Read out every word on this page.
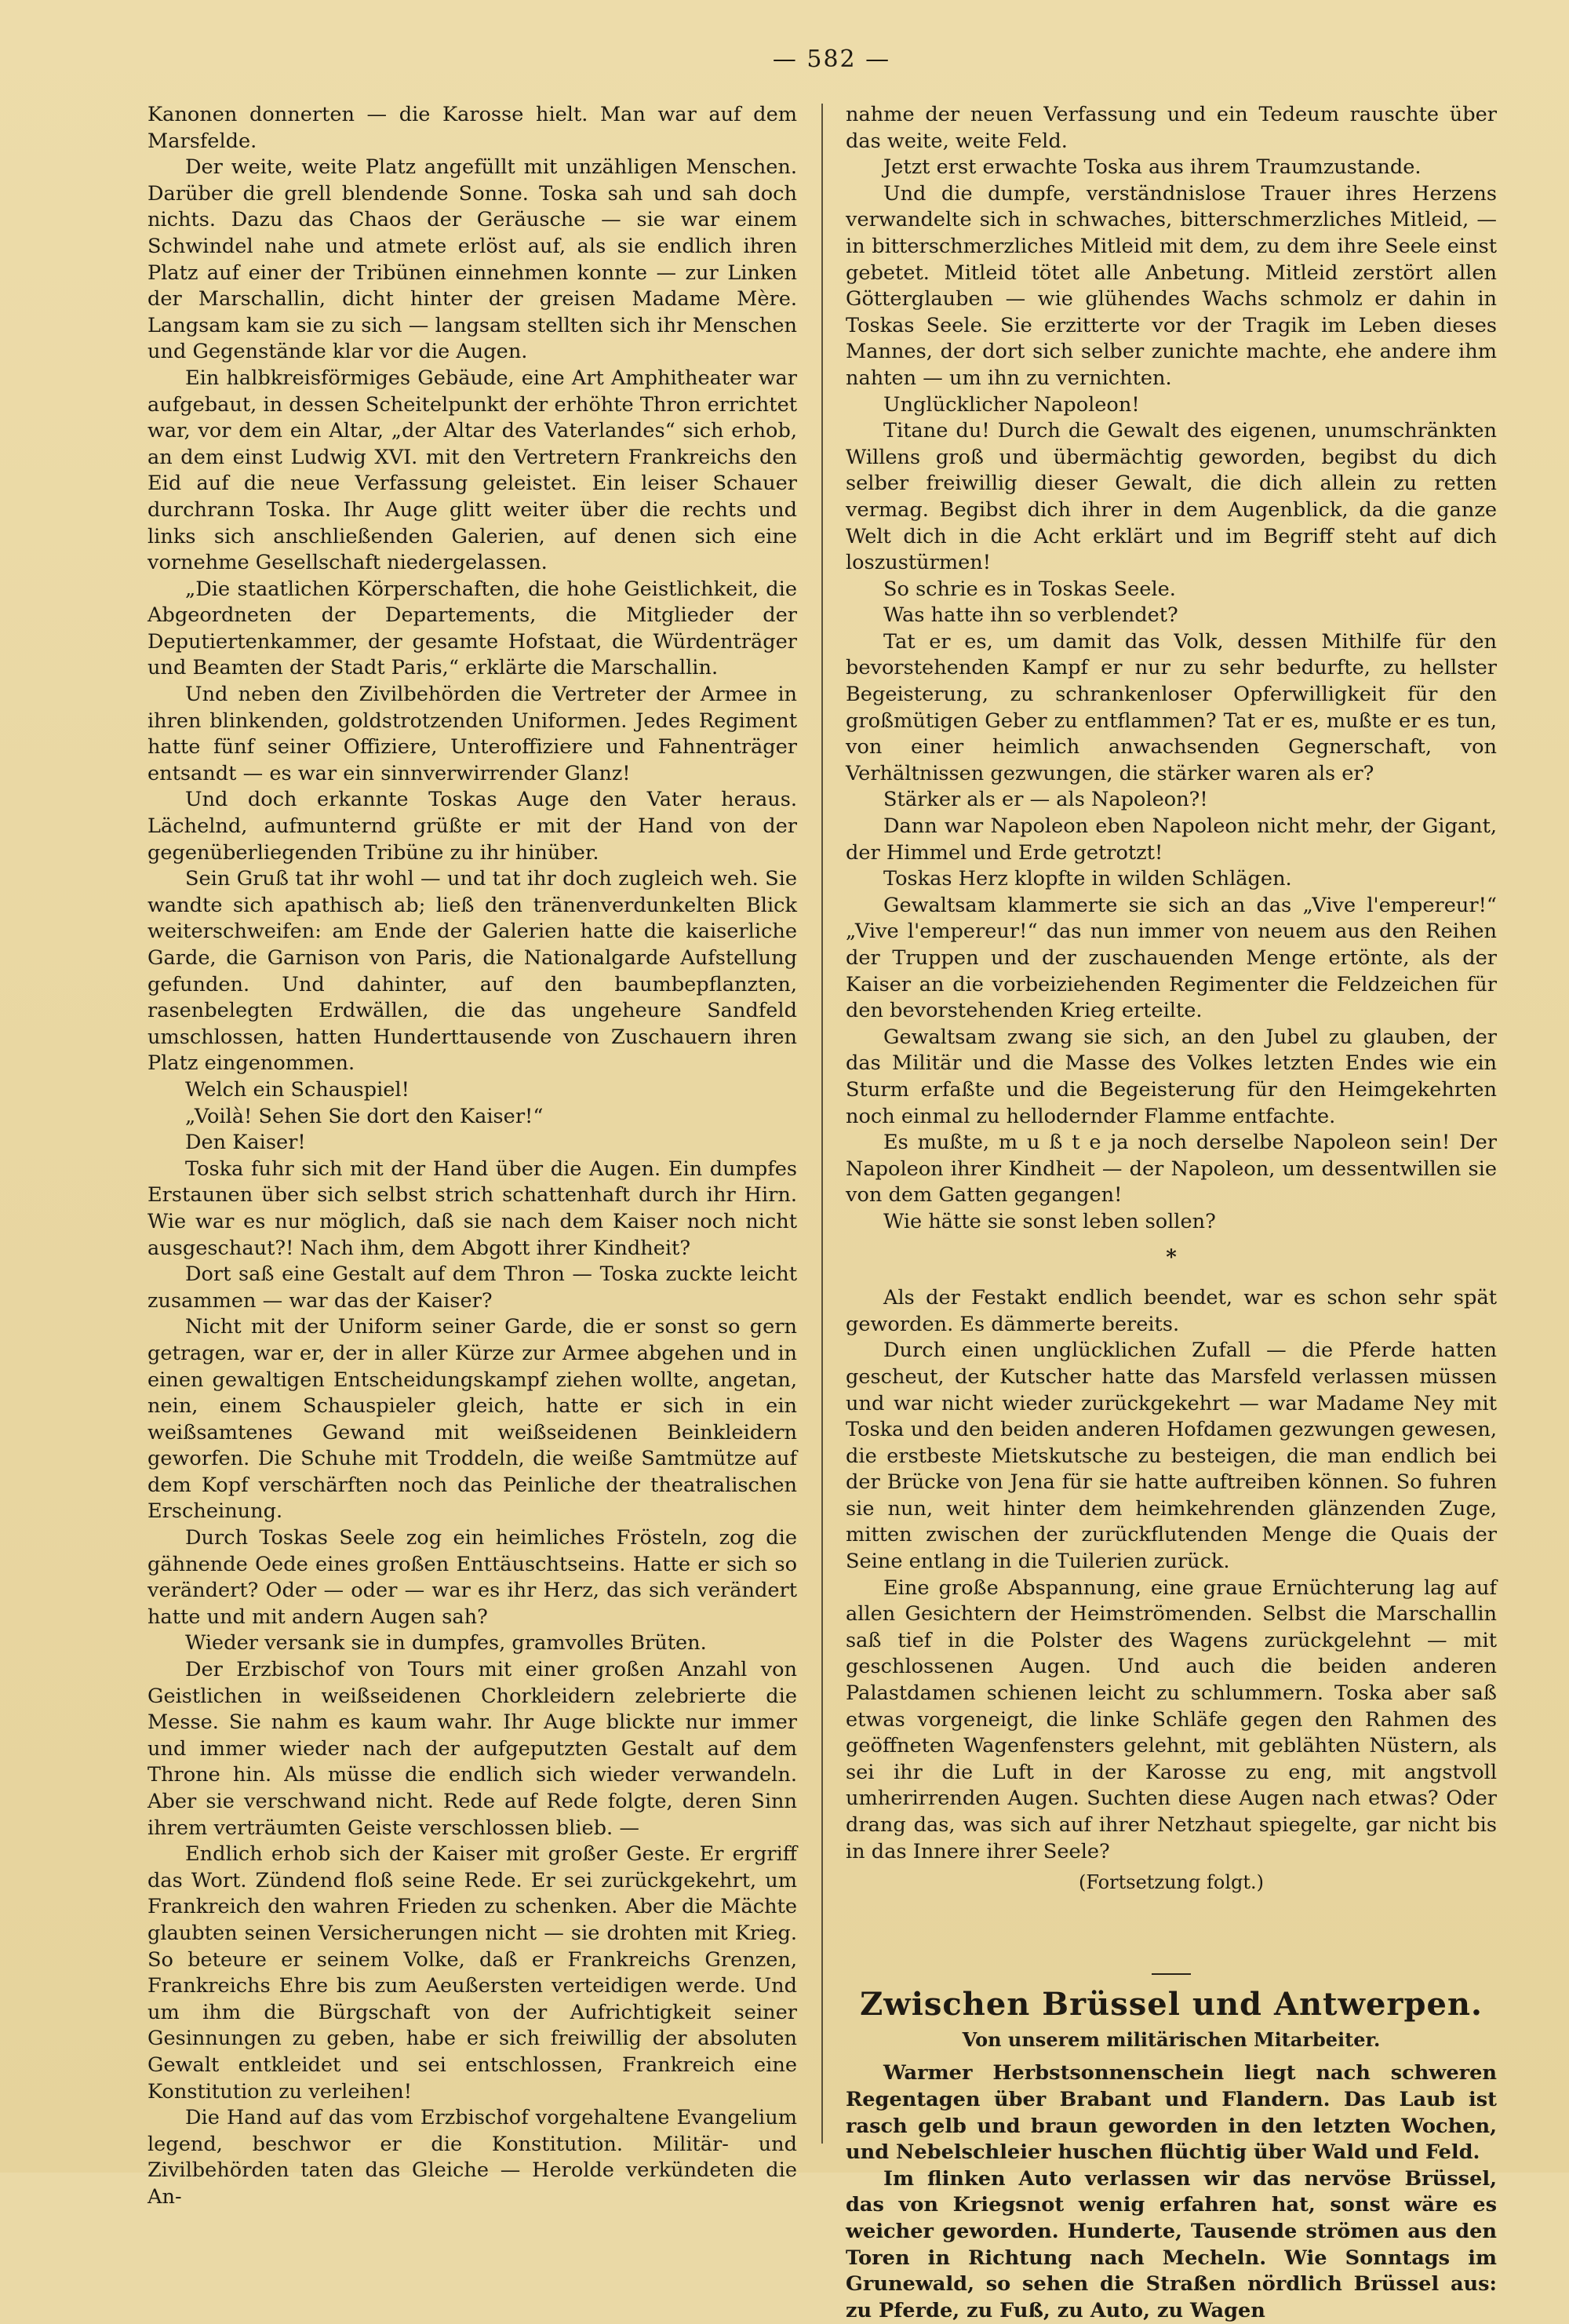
— 582 —

Kanonen donnerten — die Karosse hielt. Man war auf dem Marsfelde.

Der weite, weite Platz angefüllt mit unzähligen Menschen. Darüber die grell blendende Sonne. Toska sah und sah doch nichts. Dazu das Chaos der Geräusche — sie war einem Schwindel nahe und atmete erlöst auf, als sie endlich ihren Platz auf einer der Tribünen einnehmen konnte — zur Linken der Marschallin, dicht hinter der greisen Madame Mère. Langsam kam sie zu sich — langsam stellten sich ihr Menschen und Gegenstände klar vor die Augen.

Ein halbkreisförmiges Gebäude, eine Art Amphitheater war aufgebaut, in dessen Scheitelpunkt der erhöhte Thron errichtet war, vor dem ein Altar, „der Altar des Vaterlandes“ sich erhob, an dem einst Ludwig XVI. mit den Vertretern Frankreichs den Eid auf die neue Verfassung geleistet. Ein leiser Schauer durchrann Toska. Ihr Auge glitt weiter über die rechts und links sich anschließenden Galerien, auf denen sich eine vornehme Gesellschaft niedergelassen.

„Die staatlichen Körperschaften, die hohe Geistlichkeit, die Abgeordneten der Departements, die Mitglieder der Deputiertenkammer, der gesamte Hofstaat, die Würdenträger und Beamten der Stadt Paris,“ erklärte die Marschallin.

Und neben den Zivilbehörden die Vertreter der Armee in ihren blinkenden, goldstrotzenden Uniformen. Jedes Regiment hatte fünf seiner Offiziere, Unteroffiziere und Fahnenträger entsandt — es war ein sinnverwirrender Glanz!

Und doch erkannte Toskas Auge den Vater heraus. Lächelnd, aufmunternd grüßte er mit der Hand von der gegenüberliegenden Tribüne zu ihr hinüber.

Sein Gruß tat ihr wohl — und tat ihr doch zugleich weh. Sie wandte sich apathisch ab; ließ den tränenverdunkelten Blick weiterschweifen: am Ende der Galerien hatte die kaiserliche Garde, die Garnison von Paris, die Nationalgarde Aufstellung gefunden. Und dahinter, auf den baumbepflanzten, rasenbelegten Erdwällen, die das ungeheure Sandfeld umschlossen, hatten Hunderttausende von Zuschauern ihren Platz eingenommen.

Welch ein Schauspiel!

„Voilà! Sehen Sie dort den Kaiser!“

Den Kaiser!

Toska fuhr sich mit der Hand über die Augen. Ein dumpfes Erstaunen über sich selbst strich schattenhaft durch ihr Hirn. Wie war es nur möglich, daß sie nach dem Kaiser noch nicht ausgeschaut?! Nach ihm, dem Abgott ihrer Kindheit?

Dort saß eine Gestalt auf dem Thron — Toska zuckte leicht zusammen — war das der Kaiser?

Nicht mit der Uniform seiner Garde, die er sonst so gern getragen, war er, der in aller Kürze zur Armee abgehen und in einen gewaltigen Entscheidungskampf ziehen wollte, angetan, nein, einem Schauspieler gleich, hatte er sich in ein weißsamtenes Gewand mit weißseidenen Beinkleidern geworfen. Die Schuhe mit Troddeln, die weiße Samtmütze auf dem Kopf verschärften noch das Peinliche der theatralischen Erscheinung.

Durch Toskas Seele zog ein heimliches Frösteln, zog die gähnende Oede eines großen Enttäuschtseins. Hatte er sich so verändert? Oder — oder — war es ihr Herz, das sich verändert hatte und mit andern Augen sah?

Wieder versank sie in dumpfes, gramvolles Brüten.

Der Erzbischof von Tours mit einer großen Anzahl von Geistlichen in weißseidenen Chorkleidern zelebrierte die Messe. Sie nahm es kaum wahr. Ihr Auge blickte nur immer und immer wieder nach der aufgeputzten Gestalt auf dem Throne hin. Als müsse die endlich sich wieder verwandeln. Aber sie verschwand nicht. Rede auf Rede folgte, deren Sinn ihrem verträumten Geiste verschlossen blieb. —

Endlich erhob sich der Kaiser mit großer Geste. Er ergriff das Wort. Zündend floß seine Rede. Er sei zurückgekehrt, um Frankreich den wahren Frieden zu schenken. Aber die Mächte glaubten seinen Versicherungen nicht — sie drohten mit Krieg. So beteure er seinem Volke, daß er Frankreichs Grenzen, Frankreichs Ehre bis zum Aeußersten verteidigen werde. Und um ihm die Bürgschaft von der Aufrichtigkeit seiner Gesinnungen zu geben, habe er sich freiwillig der absoluten Gewalt entkleidet und sei entschlossen, Frankreich eine Konstitution zu verleihen!

Die Hand auf das vom Erzbischof vorgehaltene Evangelium legend, beschwor er die Konstitution. Militär- und Zivilbehörden taten das Gleiche — Herolde verkündeten die An-

nahme der neuen Verfassung und ein Tedeum rauschte über das weite, weite Feld.

Jetzt erst erwachte Toska aus ihrem Traumzustande.

Und die dumpfe, verständnislose Trauer ihres Herzens verwandelte sich in schwaches, bitterschmerzliches Mitleid, — in bitterschmerzliches Mitleid mit dem, zu dem ihre Seele einst gebetet. Mitleid tötet alle Anbetung. Mitleid zerstört allen Götterglauben — wie glühendes Wachs schmolz er dahin in Toskas Seele. Sie erzitterte vor der Tragik im Leben dieses Mannes, der dort sich selber zunichte machte, ehe andere ihm nahten — um ihn zu vernichten.

Unglücklicher Napoleon!

Titane du! Durch die Gewalt des eigenen, unumschränkten Willens groß und übermächtig geworden, begibst du dich selber freiwillig dieser Gewalt, die dich allein zu retten vermag. Begibst dich ihrer in dem Augenblick, da die ganze Welt dich in die Acht erklärt und im Begriff steht auf dich loszustürmen!

So schrie es in Toskas Seele.

Was hatte ihn so verblendet?

Tat er es, um damit das Volk, dessen Mithilfe für den bevorstehenden Kampf er nur zu sehr bedurfte, zu hellster Begeisterung, zu schrankenloser Opferwilligkeit für den großmütigen Geber zu entflammen? Tat er es, mußte er es tun, von einer heimlich anwachsenden Gegnerschaft, von Verhältnissen gezwungen, die stärker waren als er?

Stärker als er — als Napoleon?!

Dann war Napoleon eben Napoleon nicht mehr, der Gigant, der Himmel und Erde getrotzt!

Toskas Herz klopfte in wilden Schlägen.

Gewaltsam klammerte sie sich an das „Vive l'empereur!“ „Vive l'empereur!“ das nun immer von neuem aus den Reihen der Truppen und der zuschauenden Menge ertönte, als der Kaiser an die vorbeiziehenden Regimenter die Feldzeichen für den bevorstehenden Krieg erteilte.

Gewaltsam zwang sie sich, an den Jubel zu glauben, der das Militär und die Masse des Volkes letzten Endes wie ein Sturm erfaßte und die Begeisterung für den Heimgekehrten noch einmal zu hellodernder Flamme entfachte.

Es mußte, m u ß t e ja noch derselbe Napoleon sein! Der Napoleon ihrer Kindheit — der Napoleon, um dessentwillen sie von dem Gatten gegangen!

Wie hätte sie sonst leben sollen?

*

Als der Festakt endlich beendet, war es schon sehr spät geworden. Es dämmerte bereits.

Durch einen unglücklichen Zufall — die Pferde hatten gescheut, der Kutscher hatte das Marsfeld verlassen müssen und war nicht wieder zurückgekehrt — war Madame Ney mit Toska und den beiden anderen Hofdamen gezwungen gewesen, die erstbeste Mietskutsche zu besteigen, die man endlich bei der Brücke von Jena für sie hatte auftreiben können. So fuhren sie nun, weit hinter dem heimkehrenden glänzenden Zuge, mitten zwischen der zurückflutenden Menge die Quais der Seine entlang in die Tuilerien zurück.

Eine große Abspannung, eine graue Ernüchterung lag auf allen Gesichtern der Heimströmenden. Selbst die Marschallin saß tief in die Polster des Wagens zurückgelehnt — mit geschlossenen Augen. Und auch die beiden anderen Palastdamen schienen leicht zu schlummern. Toska aber saß etwas vorgeneigt, die linke Schläfe gegen den Rahmen des geöffneten Wagenfensters gelehnt, mit geblähten Nüstern, als sei ihr die Luft in der Karosse zu eng, mit angstvoll umherirrenden Augen. Suchten diese Augen nach etwas? Oder drang das, was sich auf ihrer Netzhaut spiegelte, gar nicht bis in das Innere ihrer Seele?

(Fortsetzung folgt.)
Zwischen Brüssel und Antwerpen.
Von unserem militärischen Mitarbeiter.

Warmer Herbstsonnenschein liegt nach schweren Regentagen über Brabant und Flandern. Das Laub ist rasch gelb und braun geworden in den letzten Wochen, und Nebelschleier huschen flüchtig über Wald und Feld.

Im flinken Auto verlassen wir das nervöse Brüssel, das von Kriegsnot wenig erfahren hat, sonst wäre es weicher geworden. Hunderte, Tausende strömen aus den Toren in Richtung nach Mecheln. Wie Sonntags im Grunewald, so sehen die Straßen nördlich Brüssel aus: zu Pferde, zu Fuß, zu Auto, zu Wagen
